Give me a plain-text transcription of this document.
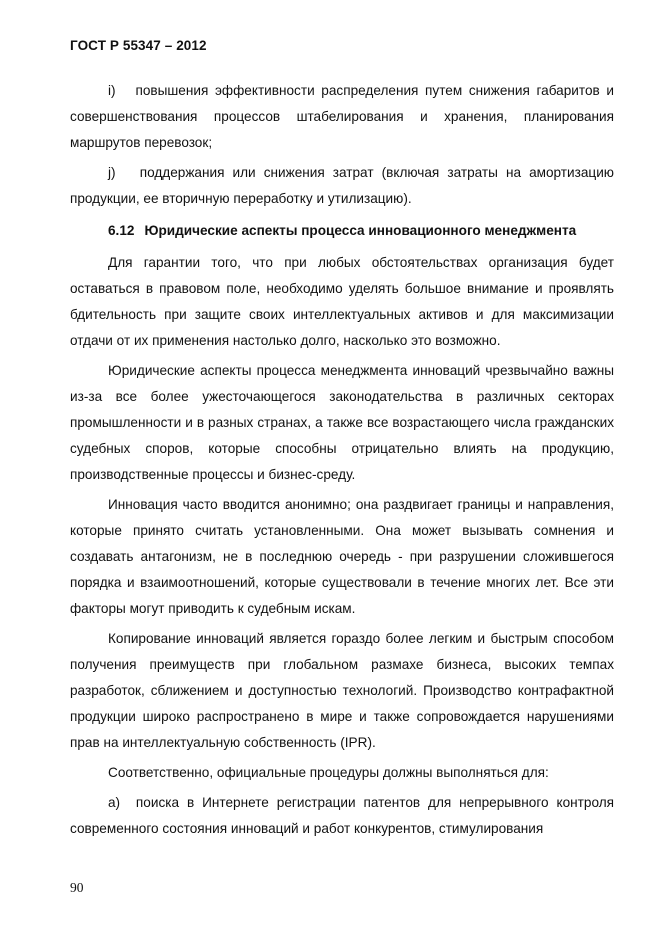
ГОСТ Р 55347 – 2012

i)   повышения эффективности распределения путем снижения габаритов и совершенствования процессов штабелирования и хранения, планирования маршрутов перевозок;

j)   поддержания или снижения затрат (включая затраты на амортизацию продукции, ее вторичную переработку и утилизацию).

6.12 Юридические аспекты процесса инновационного менеджмента

Для гарантии того, что при любых обстоятельствах организация будет оставаться в правовом поле, необходимо уделять большое внимание и проявлять бдительность при защите своих интеллектуальных активов и для максимизации отдачи от их применения настолько долго, насколько это возможно.

Юридические аспекты процесса менеджмента инноваций чрезвычайно важны из-за все более ужесточающегося законодательства в различных секторах промышленности и в разных странах, а также все возрастающего числа гражданских судебных споров, которые способны отрицательно влиять на продукцию, производственные процессы и бизнес-среду.

Инновация часто вводится анонимно; она раздвигает границы и направления, которые принято считать установленными. Она может вызывать сомнения и создавать антагонизм, не в последнюю очередь - при разрушении сложившегося порядка и взаимоотношений, которые существовали в течение многих лет. Все эти факторы могут приводить к судебным искам.

Копирование инноваций является гораздо более легким и быстрым способом получения преимуществ при глобальном размахе бизнеса, высоких темпах разработок, сближением и доступностью технологий. Производство контрафактной продукции широко распространено в мире и также сопровождается нарушениями прав на интеллектуальную собственность (IPR).

Соответственно, официальные процедуры должны выполняться для:

а)  поиска в Интернете регистрации патентов для непрерывного контроля современного состояния инноваций и работ конкурентов, стимулирования

90
